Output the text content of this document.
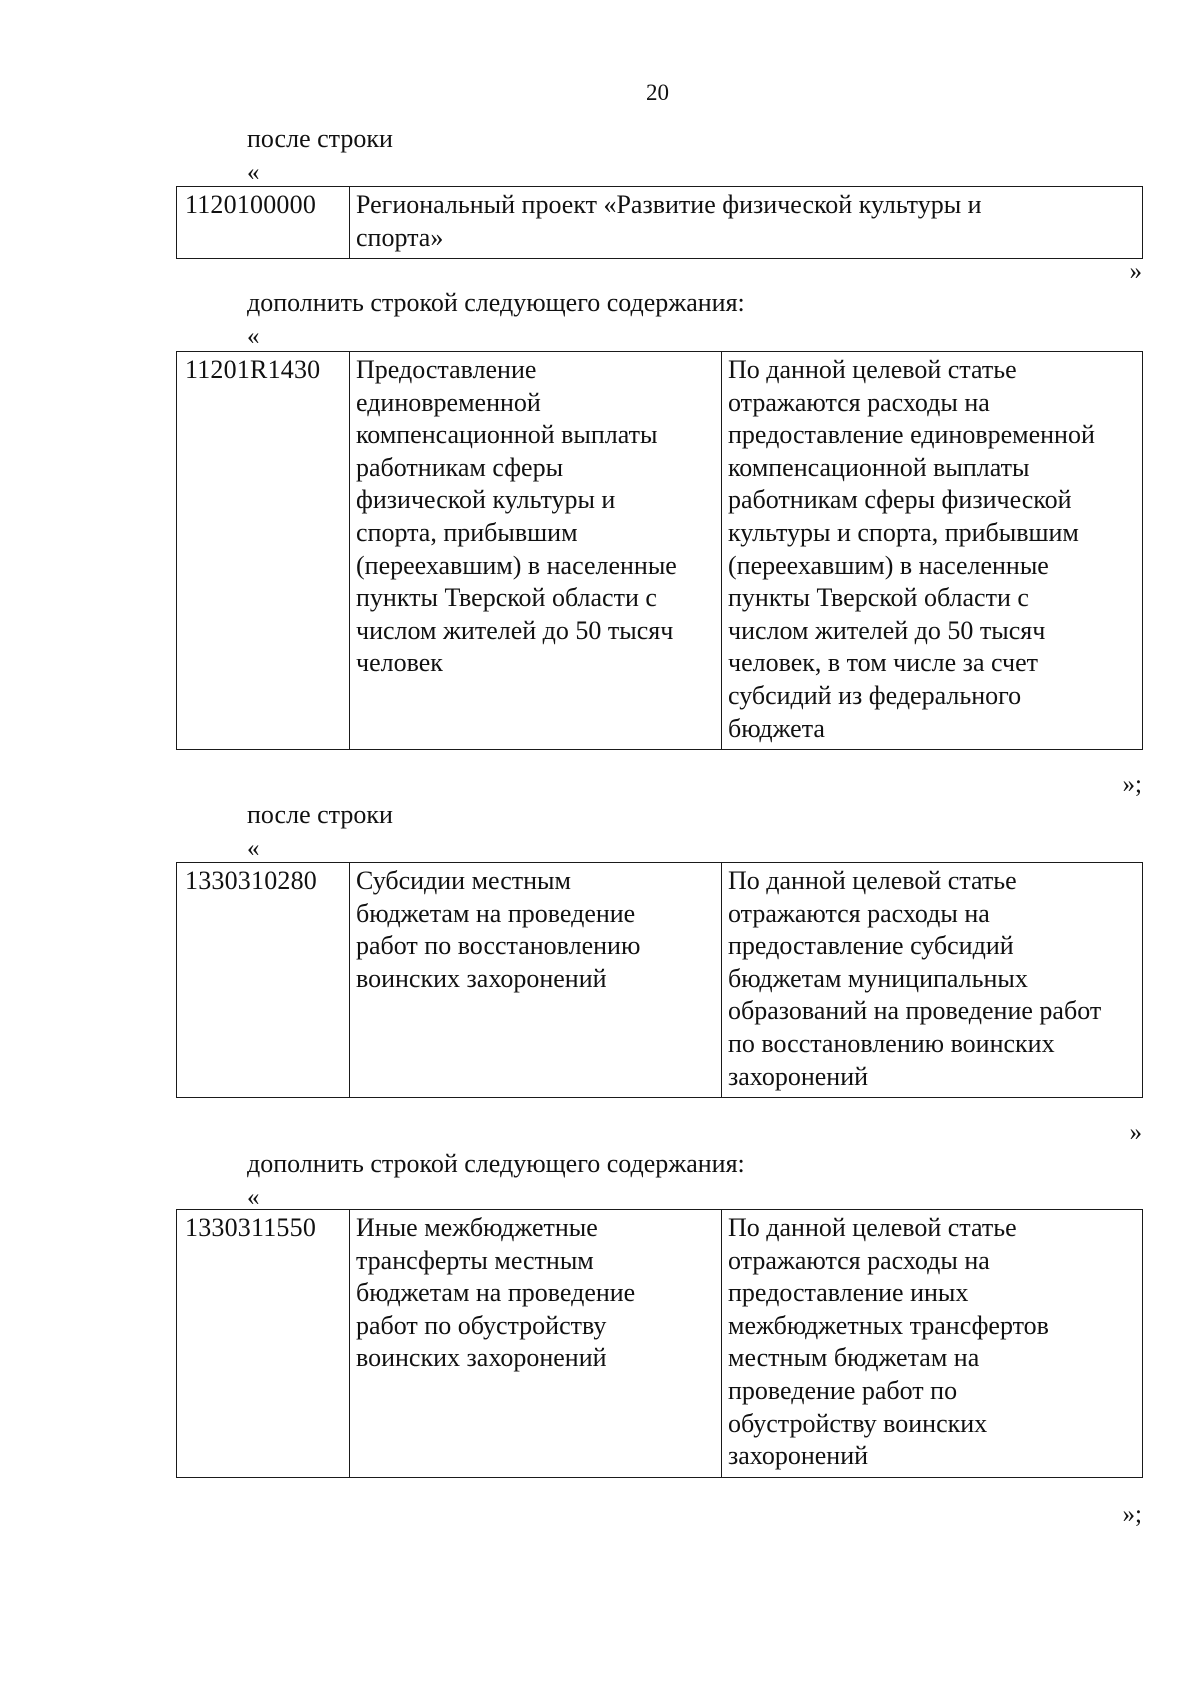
20
после строки
«
1120100000	Региональный проект «Развитие физической культуры и
спорта»
»
дополнить строкой следующего содержания:
«
11201R1430	Предоставление
единовременной
компенсационной выплаты
работникам сферы
физической культуры и
спорта, прибывшим
(переехавшим) в населенные
пункты Тверской области с
числом жителей до 50 тысяч
человек	По данной целевой статье
отражаются расходы на
предоставление единовременной
компенсационной выплаты
работникам сферы физической
культуры и спорта, прибывшим
(переехавшим) в населенные
пункты Тверской области с
числом жителей до 50 тысяч
человек, в том числе за счет
субсидий из федерального
бюджета
»;
после строки
«
1330310280	Субсидии местным
бюджетам на проведение
работ по восстановлению
воинских захоронений	По данной целевой статье
отражаются расходы на
предоставление субсидий
бюджетам муниципальных
образований на проведение работ
по восстановлению воинских
захоронений
»
дополнить строкой следующего содержания:
«
1330311550	Иные межбюджетные
трансферты местным
бюджетам на проведение
работ по обустройству
воинских захоронений	По данной целевой статье
отражаются расходы на
предоставление иных
межбюджетных трансфертов
местным бюджетам на
проведение работ по
обустройству воинских
захоронений
»;
